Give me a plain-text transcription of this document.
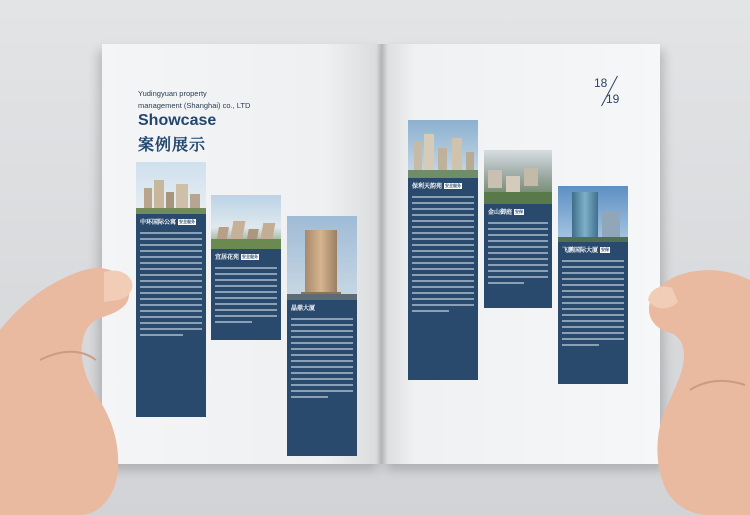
Yudingyuan property
management (Shanghai) co., LTD
Showcase
案例展示
中环国际公寓 安全服务
宜居花苑 安全服务
晶鼎大厦
18
19
保利天韵苑 安全服务
金山御庭 安保
飞鹏国际大厦 安保
